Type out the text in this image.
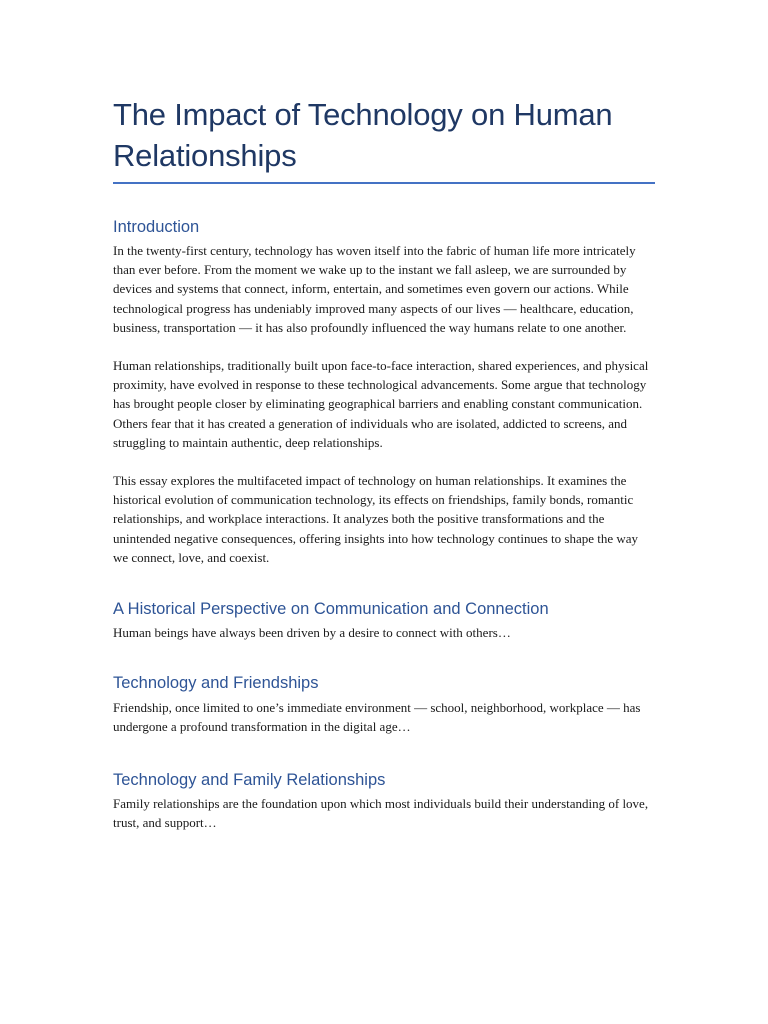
The Impact of Technology on Human Relationships
Introduction

In the twenty-first century, technology has woven itself into the fabric of human life more intricately than ever before. From the moment we wake up to the instant we fall asleep, we are surrounded by devices and systems that connect, inform, entertain, and sometimes even govern our actions. While technological progress has undeniably improved many aspects of our lives — healthcare, education, business, transportation — it has also profoundly influenced the way humans relate to one another.

Human relationships, traditionally built upon face-to-face interaction, shared experiences, and physical proximity, have evolved in response to these technological advancements. Some argue that technology has brought people closer by eliminating geographical barriers and enabling constant communication. Others fear that it has created a generation of individuals who are isolated, addicted to screens, and struggling to maintain authentic, deep relationships.

This essay explores the multifaceted impact of technology on human relationships. It examines the historical evolution of communication technology, its effects on friendships, family bonds, romantic relationships, and workplace interactions. It analyzes both the positive transformations and the unintended negative consequences, offering insights into how technology continues to shape the way we connect, love, and coexist.

A Historical Perspective on Communication and Connection

Human beings have always been driven by a desire to connect with others…

Technology and Friendships

Friendship, once limited to one’s immediate environment — school, neighborhood, workplace — has undergone a profound transformation in the digital age…

Technology and Family Relationships

Family relationships are the foundation upon which most individuals build their understanding of love, trust, and support…
